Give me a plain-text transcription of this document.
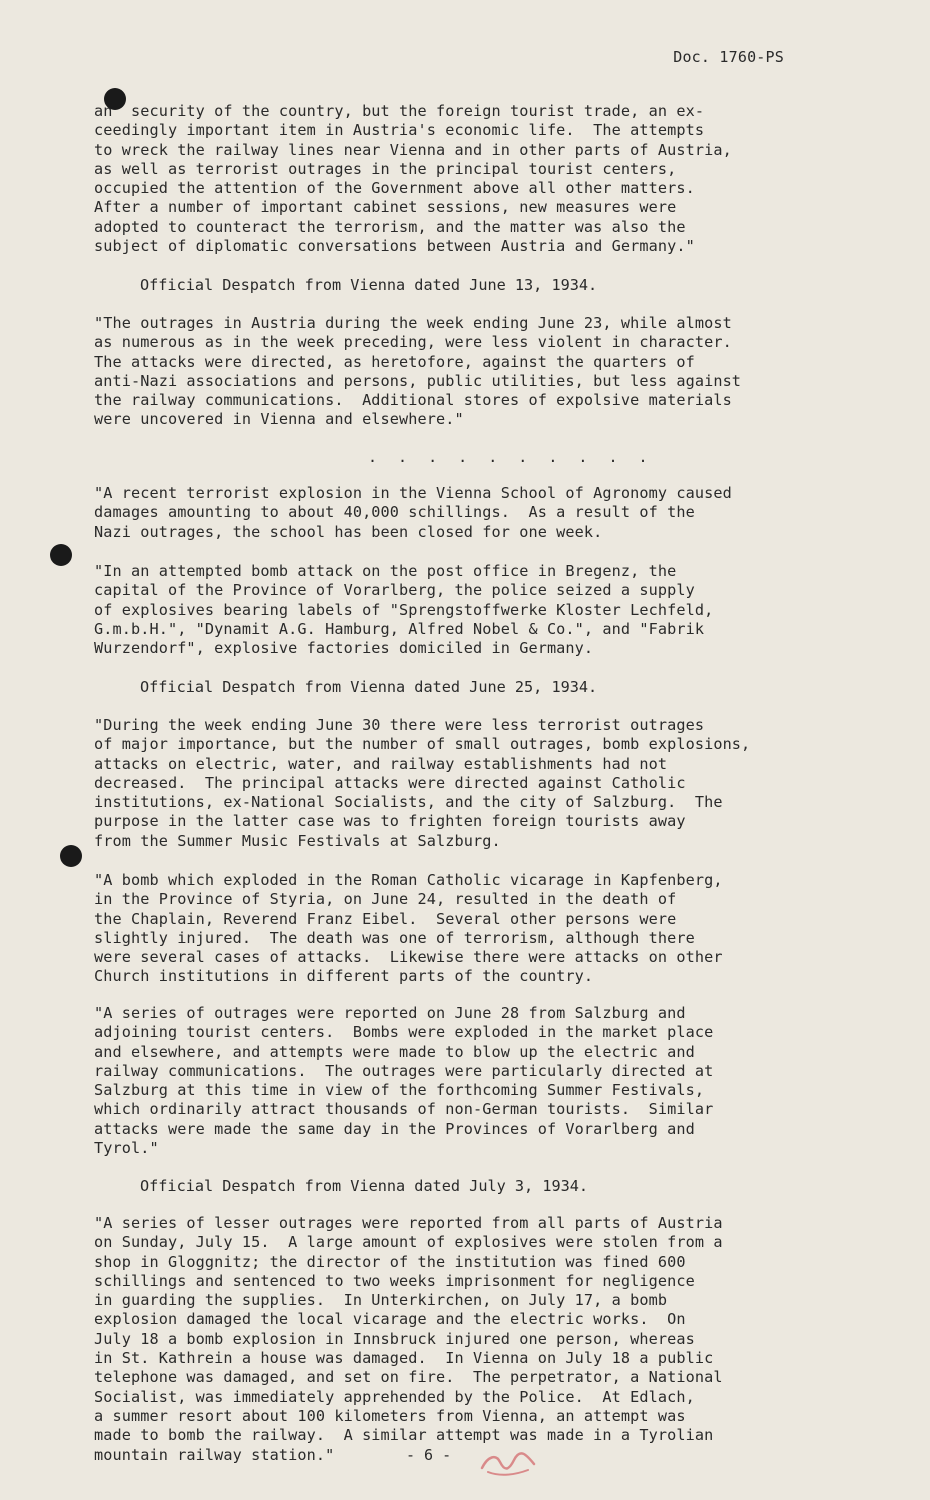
Doc. 1760-PS
an  security of the country, but the foreign tourist trade, an ex-
ceedingly important item in Austria's economic life.  The attempts
to wreck the railway lines near Vienna and in other parts of Austria,
as well as terrorist outrages in the principal tourist centers,
occupied the attention of the Government above all other matters.
After a number of important cabinet sessions, new measures were
adopted to counteract the terrorism, and the matter was also the
subject of diplomatic conversations between Austria and Germany."
Official Despatch from Vienna dated June 13, 1934.
"The outrages in Austria during the week ending June 23, while almost
as numerous as in the week preceding, were less violent in character.
The attacks were directed, as heretofore, against the quarters of
anti-Nazi associations and persons, public utilities, but less against
the railway communications.  Additional stores of expolsive materials
were uncovered in Vienna and elsewhere."
. . . . . . . . . .
"A recent terrorist explosion in the Vienna School of Agronomy caused
damages amounting to about 40,000 schillings.  As a result of the
Nazi outrages, the school has been closed for one week.
"In an attempted bomb attack on the post office in Bregenz, the
capital of the Province of Vorarlberg, the police seized a supply
of explosives bearing labels of "Sprengstoffwerke Kloster Lechfeld,
G.m.b.H.", "Dynamit A.G. Hamburg, Alfred Nobel & Co.", and "Fabrik
Wurzendorf", explosive factories domiciled in Germany.
Official Despatch from Vienna dated June 25, 1934.
"During the week ending June 30 there were less terrorist outrages
of major importance, but the number of small outrages, bomb explosions,
attacks on electric, water, and railway establishments had not
decreased.  The principal attacks were directed against Catholic
institutions, ex-National Socialists, and the city of Salzburg.  The
purpose in the latter case was to frighten foreign tourists away
from the Summer Music Festivals at Salzburg.
"A bomb which exploded in the Roman Catholic vicarage in Kapfenberg,
in the Province of Styria, on June 24, resulted in the death of
the Chaplain, Reverend Franz Eibel.  Several other persons were
slightly injured.  The death was one of terrorism, although there
were several cases of attacks.  Likewise there were attacks on other
Church institutions in different parts of the country.
"A series of outrages were reported on June 28 from Salzburg and
adjoining tourist centers.  Bombs were exploded in the market place
and elsewhere, and attempts were made to blow up the electric and
railway communications.  The outrages were particularly directed at
Salzburg at this time in view of the forthcoming Summer Festivals,
which ordinarily attract thousands of non-German tourists.  Similar
attacks were made the same day in the Provinces of Vorarlberg and
Tyrol."
Official Despatch from Vienna dated July 3, 1934.
"A series of lesser outrages were reported from all parts of Austria
on Sunday, July 15.  A large amount of explosives were stolen from a
shop in Gloggnitz; the director of the institution was fined 600
schillings and sentenced to two weeks imprisonment for negligence
in guarding the supplies.  In Unterkirchen, on July 17, a bomb
explosion damaged the local vicarage and the electric works.  On
July 18 a bomb explosion in Innsbruck injured one person, whereas
in St. Kathrein a house was damaged.  In Vienna on July 18 a public
telephone was damaged, and set on fire.  The perpetrator, a National
Socialist, was immediately apprehended by the Police.  At Edlach,
a summer resort about 100 kilometers from Vienna, an attempt was
made to bomb the railway.  A similar attempt was made in a Tyrolian
mountain railway station."	- 6 -
